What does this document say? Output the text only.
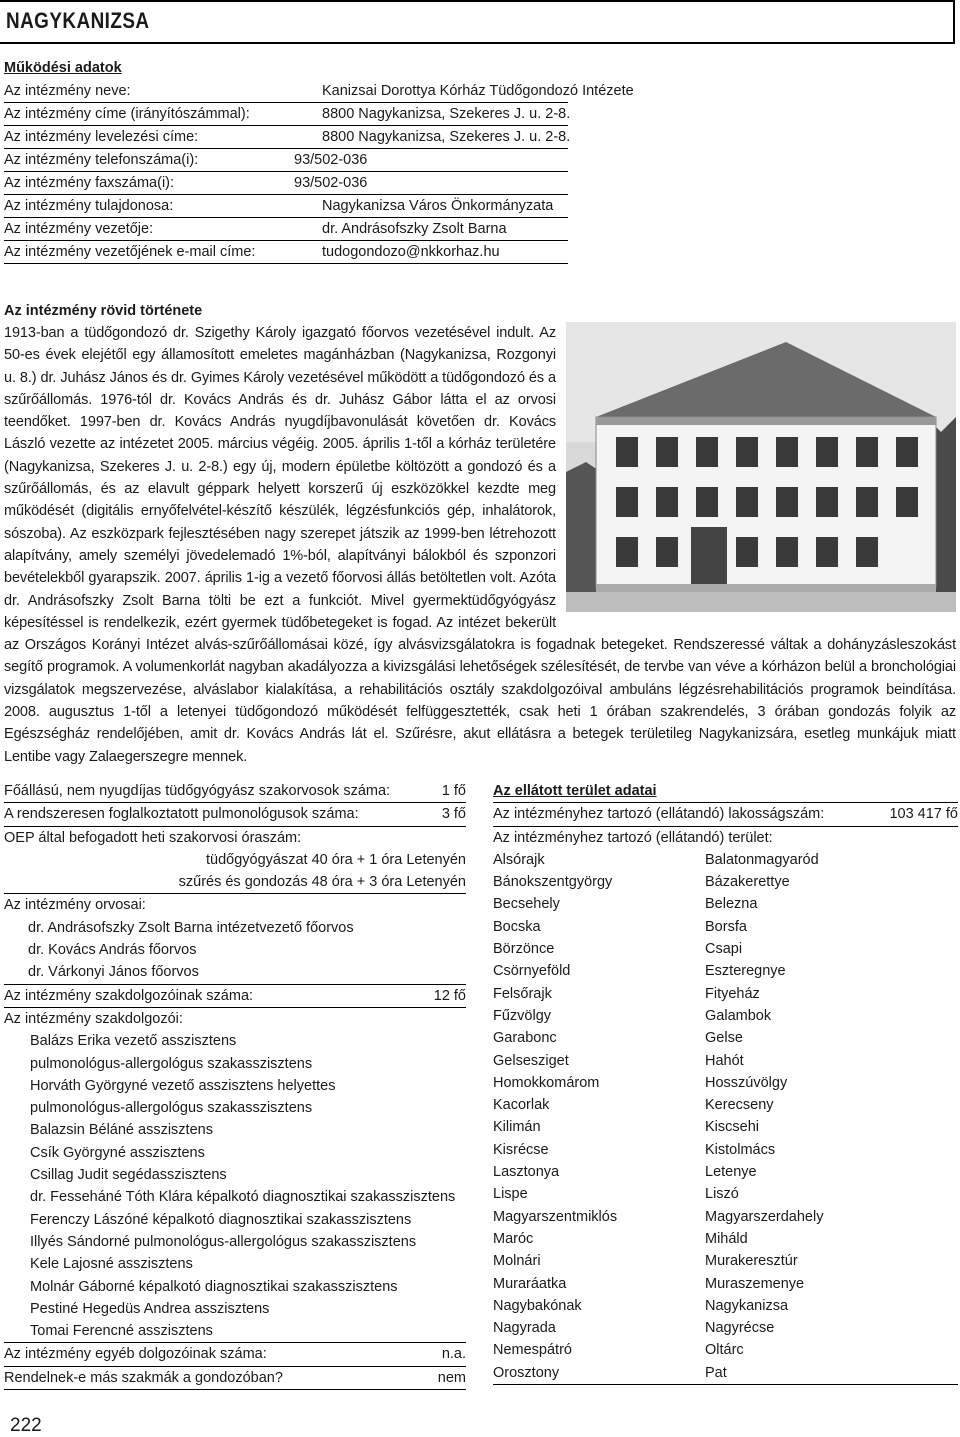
NAGYKANIZSA
Működési adatok
Az intézmény neve:	Kanizsai Dorottya Kórház Tüdőgondozó Intézete
Az intézmény címe (irányítószámmal):	8800 Nagykanizsa, Szekeres J. u. 2-8.
Az intézmény levelezési címe:	8800 Nagykanizsa, Szekeres J. u. 2-8.
Az intézmény telefonszáma(i):	93/502-036
Az intézmény faxszáma(i):	93/502-036
Az intézmény tulajdonosa:	Nagykanizsa Város Önkormányzata
Az intézmény vezetője:	dr. Andrásofszky Zsolt Barna
Az intézmény vezetőjének e-mail címe:	tudogondozo@nkkorhaz.hu
Az intézmény rövid története
1913-ban a tüdőgondozó dr. Szigethy Károly igazgató főorvos vezetésével indult. Az 50-es évek elejétől egy államosított emeletes magánházban (Nagykanizsa, Rozgonyi u. 8.) dr. Juhász János és dr. Gyimes Károly vezetésével működött a tüdőgondozó és a szűrőállomás. 1976-tól dr. Kovács András és dr. Juhász Gábor látta el az orvosi teendőket. 1997-ben dr. Kovács András nyugdíjbavonulását követően dr. Kovács László vezette az intézetet 2005. március végéig. 2005. április 1-től a kórház területére (Nagykanizsa, Szekeres J. u. 2-8.) egy új, modern épületbe költözött a gondozó és a szűrőállomás, és az elavult géppark helyett korszerű új eszközökkel kezdte meg működését (digitális ernyőfelvétel-készítő készülék, légzésfunkciós gép, inhalátorok, sószoba). Az eszközpark fejlesztésében nagy szerepet játszik az 1999-ben létrehozott alapítvány, amely személyi jövedelemadó 1%-ból, alapítványi bálokból és szponzori bevételekből gyarapszik. 2007. április 1-ig a vezető főorvosi állás betöltetlen volt. Azóta dr. Andrásofszky Zsolt Barna tölti be ezt a funkciót. Mivel gyermektüdőgyógyász képesítéssel is rendelkezik, ezért gyermek tüdőbetegeket is fogad. Az intézet bekerült az Országos Korányi Intézet alvás-szűrőállomásai közé, így alvásvizsgálatokra is fogadnak betegeket. Rendszeressé váltak a dohányzásleszokást segítő programok. A volumenkorlát nagyban akadályozza a kivizsgálási lehetőségek szélesítését, de tervbe van véve a kórházon belül a bronchológiai vizsgálatok megszervezése, alváslabor kialakítása, a rehabilitációs osztály szakdolgozóival ambuláns légzésrehabilitációs programok beindítása. 2008. augusztus 1-től a letenyei tüdőgondozó működését felfüggesztették, csak heti 1 órában szakrendelés, 3 órában gondozás folyik az Egészségház rendelőjében, amit dr. Kovács András lát el. Szűrésre, akut ellátásra a betegek területileg Nagykanizsára, esetleg munkájuk miatt Lentibe vagy Zalaegerszegre mennek.
Főállású, nem nyugdíjas tüdőgyógyász szakorvosok száma:	1 fő
A rendszeresen foglalkoztatott pulmonológusok száma:	3 fő
OEP által befogadott heti szakorvosi óraszám:
tüdőgyógyászat 40 óra + 1 óra Letenyén
szűrés és gondozás 48 óra + 3 óra Letenyén
Az intézmény orvosai:
dr. Andrásofszky Zsolt Barna intézetvezető főorvos
dr. Kovács András főorvos
dr. Várkonyi János főorvos
Az intézmény szakdolgozóinak száma:	12 fő
Az intézmény szakdolgozói:
Balázs Erika vezető asszisztens
pulmonológus-allergológus szakasszisztens
Horváth Györgyné vezető asszisztens helyettes
pulmonológus-allergológus szakasszisztens
Balazsin Béláné asszisztens
Csík Györgyné asszisztens
Csillag Judit segédasszisztens
dr. Fesseháné Tóth Klára képalkotó diagnosztikai szakasszisztens
Ferenczy Lászóné képalkotó diagnosztikai szakasszisztens
Illyés Sándorné pulmonológus-allergológus szakasszisztens
Kele Lajosné asszisztens
Molnár Gáborné képalkotó diagnosztikai szakasszisztens
Pestiné Hegedüs Andrea asszisztens
Tomai Ferencné asszisztens
Az intézmény egyéb dolgozóinak száma:	n.a.
Rendelnek-e más szakmák a gondozóban?	nem
Az ellátott terület adatai
Az intézményhez tartozó (ellátandó) lakosságszám:	103 417 fő
Az intézményhez tartozó (ellátandó) terület:
Alsórajk	Balatonmagyaród
Bánokszentgyörgy	Bázakerettye
Becsehely	Belezna
Bocska	Borsfa
Börzönce	Csapi
Csörnyeföld	Eszteregnye
Felsőrajk	Fityeház
Fűzvölgy	Galambok
Garabonc	Gelse
Gelsesziget	Hahót
Homokkomárom	Hosszúvölgy
Kacorlak	Kerecseny
Kilimán	Kiscsehi
Kisrécse	Kistolmács
Lasztonya	Letenye
Lispe	Liszó
Magyarszentmiklós	Magyarszerdahely
Maróc	Miháld
Molnári	Murakeresztúr
Muraráatka	Muraszemenye
Nagybakónak	Nagykanizsa
Nagyrada	Nagyrécse
Nemespátró	Oltárc
Orosztony	Pat
222
